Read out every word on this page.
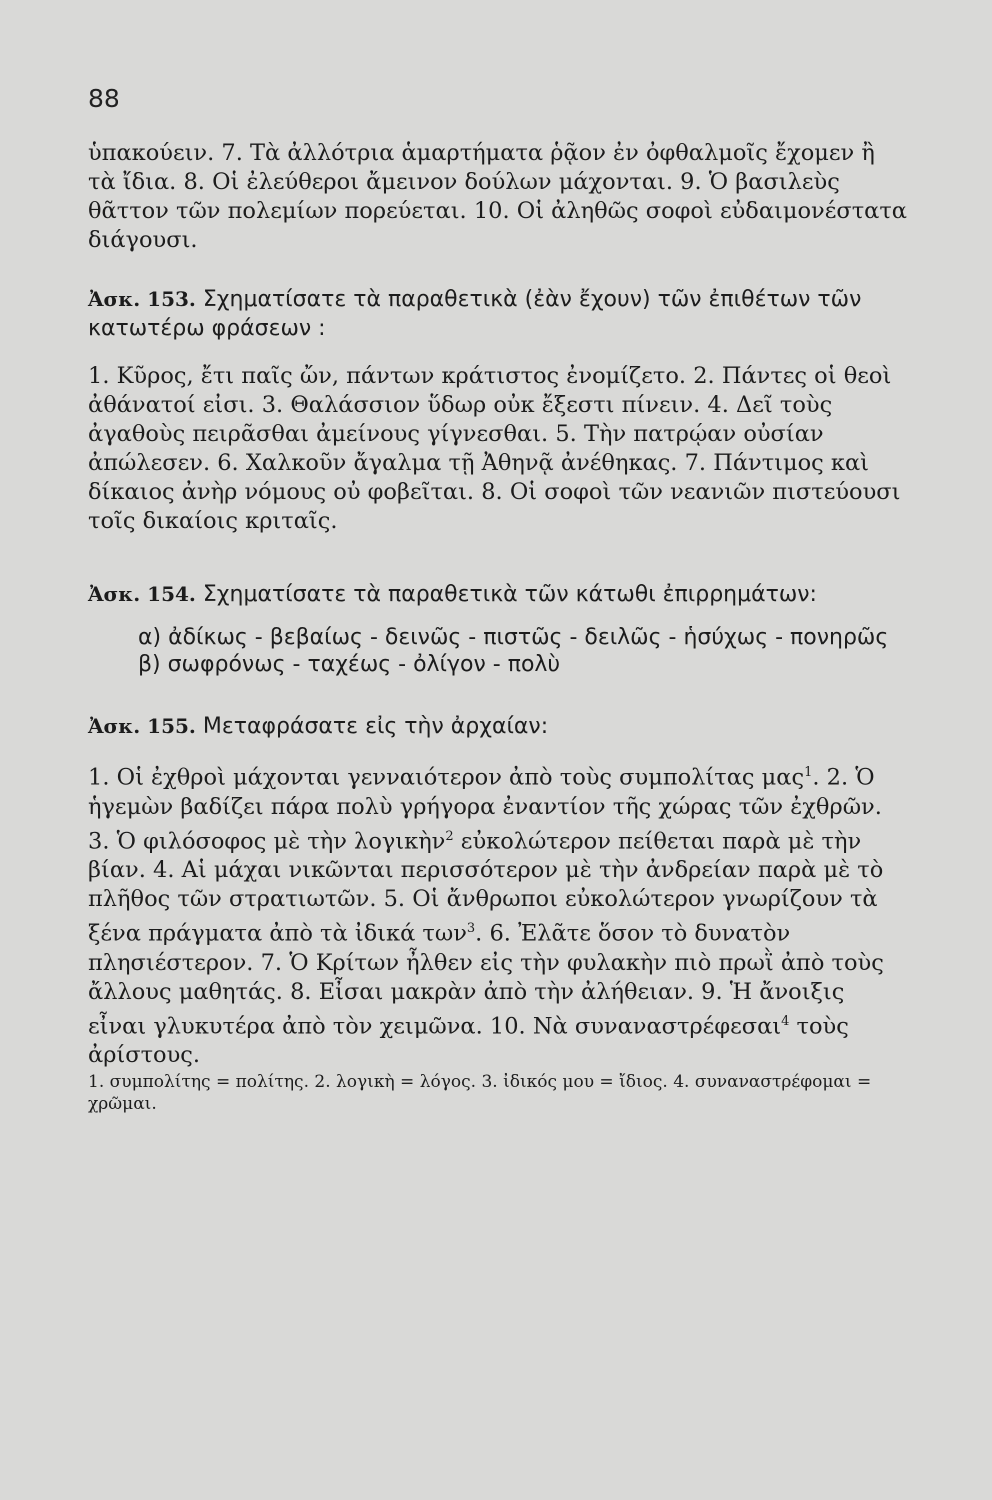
88
ὑπακούειν. 7. Τὰ ἀλλότρια ἁμαρτήματα ῥᾷον ἐν ὀφθαλμοῖς ἔχομεν ἢ τὰ ἴδια. 8. Οἱ ἐλεύθεροι ἄμεινον δούλων μάχονται. 9. Ὁ βασιλεὺς θᾶττον τῶν πολεμίων πορεύεται. 10. Οἱ ἀληθῶς σοφοὶ εὐδαιμονέστατα διάγουσι.
Ἀσκ. 153. Σχηματίσατε τὰ παραθετικὰ (ἐὰν ἔχουν) τῶν ἐπιθέτων τῶν κατωτέρω φράσεων :
1. Κῦρος, ἔτι παῖς ὤν, πάντων κράτιστος ἐνομίζετο. 2. Πάντες οἱ θεοὶ ἀθάνατοί εἰσι. 3. Θαλάσσιον ὕδωρ οὐκ ἔξεστι πίνειν. 4. Δεῖ τοὺς ἀγαθοὺς πειρᾶσθαι ἀμείνους γίγνεσθαι. 5. Τὴν πατρῴαν οὐσίαν ἀπώλεσεν. 6. Χαλκοῦν ἄγαλμα τῇ Ἀθηνᾷ ἀνέθηκας. 7. Πάντιμος καὶ δίκαιος ἀνὴρ νόμους οὐ φοβεῖται. 8. Οἱ σοφοὶ τῶν νεανιῶν πιστεύουσι τοῖς δικαίοις κριταῖς.
Ἀσκ. 154. Σχηματίσατε τὰ παραθετικὰ τῶν κάτωθι ἐπιρρημάτων:
α) ἀδίκως - βεβαίως - δεινῶς - πιστῶς - δειλῶς - ἡσύχως - πονηρῶς
β) σωφρόνως - ταχέως - ὀλίγον - πολὺ
Ἀσκ. 155. Μεταφράσατε εἰς τὴν ἀρχαίαν:
1. Οἱ ἐχθροὶ μάχονται γενναιότερον ἀπὸ τοὺς συμπολίτας μας$^1$. 2. Ὁ ἡγεμὼν βαδίζει πάρα πολὺ γρήγορα ἐναντίον τῆς χώρας τῶν ἐχθρῶν. 3. Ὁ φιλόσοφος μὲ τὴν λογικὴν$^2$ εὐκολώτερον πείθεται παρὰ μὲ τὴν βίαν. 4. Αἱ μάχαι νικῶνται περισσότερον μὲ τὴν ἀνδρείαν παρὰ μὲ τὸ πλῆθος τῶν στρατιωτῶν. 5. Οἱ ἄνθρωποι εὐκολώτερον γνωρίζουν τὰ ξένα πράγματα ἀπὸ τὰ ἰδικά των$^3$. 6. Ἐλᾶτε ὅσον τὸ δυνατὸν πλησιέστερον. 7. Ὁ Κρίτων ἦλθεν εἰς τὴν φυλακὴν πιὸ πρωῒ ἀπὸ τοὺς ἄλλους μαθητάς. 8. Εἶσαι μακρὰν ἀπὸ τὴν ἀλήθειαν. 9. Ἡ ἄνοιξις εἶναι γλυκυτέρα ἀπὸ τὸν χειμῶνα. 10. Νὰ συναναστρέφεσαι$^4$ τοὺς ἀρίστους.
1. συμπολίτης = πολίτης. 2. λογικὴ = λόγος. 3. ἰδικός μου = ἴδιος. 4. συναναστρέφομαι = χρῶμαι.
